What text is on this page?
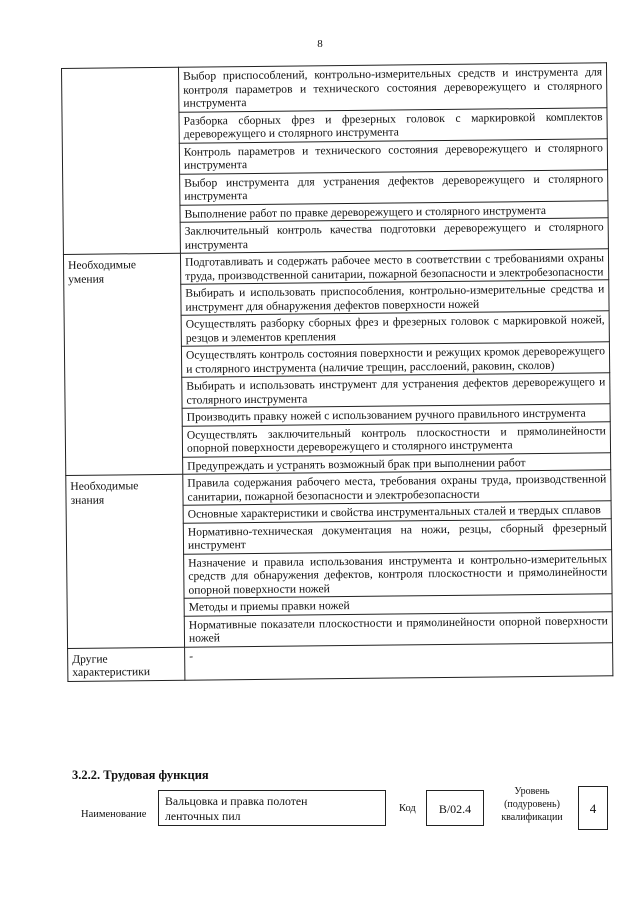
8
	Выбор приспособлений, контрольно-измерительных средств и инструмента для контроля параметров и технического состояния дереворежущего и столярного инструмента
	Разборка сборных фрез и фрезерных головок с маркировкой комплектов дереворежущего и столярного инструмента
	Контроль параметров и технического состояния дереворежущего и столярного инструмента
	Выбор инструмента для устранения дефектов дереворежущего и столярного инструмента
	Выполнение работ по правке дереворежущего и столярного инструмента
	Заключительный контроль качества подготовки дереворежущего и столярного инструмента

Необходимые
умения	Подготавливать и содержать рабочее место в соответствии с требованиями охраны труда, производственной санитарии, пожарной безопасности и электробезопасности
	Выбирать и использовать приспособления, контрольно-измерительные средства и инструмент для обнаружения дефектов поверхности ножей
	Осуществлять разборку сборных фрез и фрезерных головок с маркировкой ножей, резцов и элементов крепления
	Осуществлять контроль состояния поверхности и режущих кромок дереворежущего и столярного инструмента (наличие трещин, расслоений, раковин, сколов)
	Выбирать и использовать инструмент для устранения дефектов дереворежущего и столярного инструмента
	Производить правку ножей с использованием ручного правильного инструмента
	Осуществлять заключительный контроль плоскостности и прямолинейности опорной поверхности дереворежущего и столярного инструмента
	Предупреждать и устранять возможный брак при выполнении работ

Необходимые
знания	Правила содержания рабочего места, требования охраны труда, производственной санитарии, пожарной безопасности и электробезопасности
	Основные характеристики и свойства инструментальных сталей и твердых сплавов
	Нормативно-техническая документация на ножи, резцы, сборный фрезерный инструмент
	Назначение и правила использования инструмента и контрольно-измерительных средств для обнаружения дефектов, контроля плоскостности и прямолинейности опорной поверхности ножей
	Методы и приемы правки ножей
	Нормативные показатели плоскостности и прямолинейности опорной поверхности ножей

Другие
характеристики	-
3.2.2. Трудовая функция
Наименование
Вальцовка и правка полотен
ленточных пил
Код	В/02.4
Уровень
(подуровень)
квалификации
4
